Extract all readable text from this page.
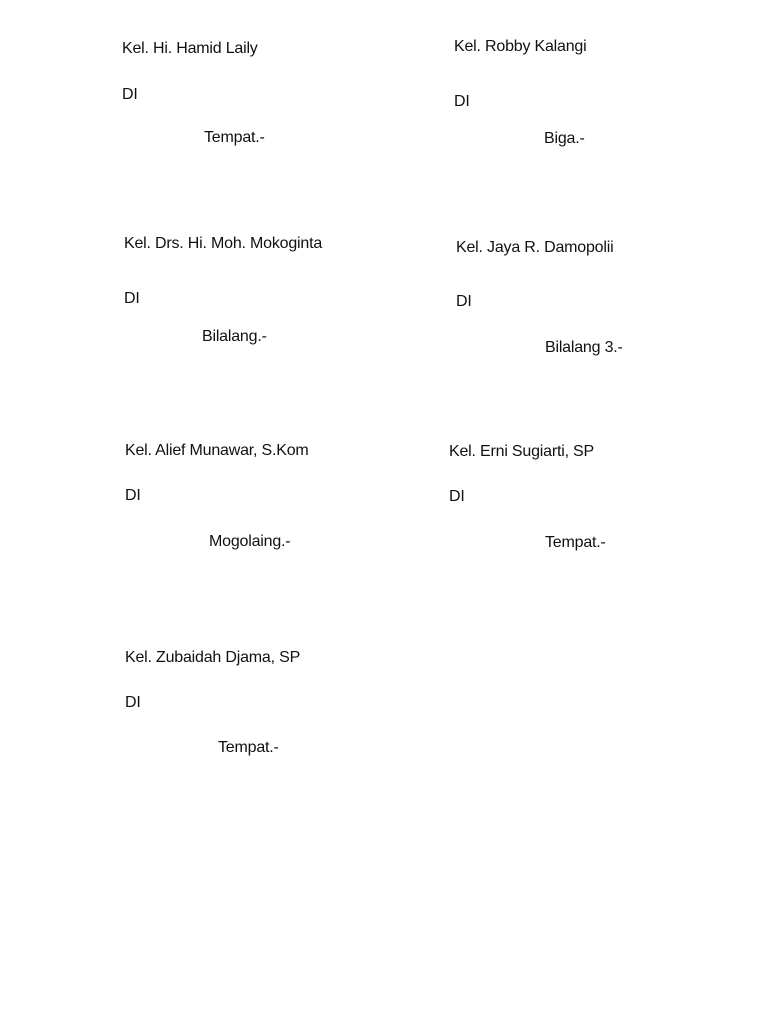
Kel. Hi. Hamid Laily
DI
Tempat.-
Kel. Robby Kalangi
DI
Biga.-
Kel. Drs. Hi. Moh. Mokoginta
DI
Bilalang.-
Kel. Jaya R. Damopolii
DI
Bilalang 3.-
Kel. Alief Munawar, S.Kom
DI
Mogolaing.-
Kel. Erni Sugiarti, SP
DI
Tempat.-
Kel. Zubaidah Djama, SP
DI
Tempat.-
